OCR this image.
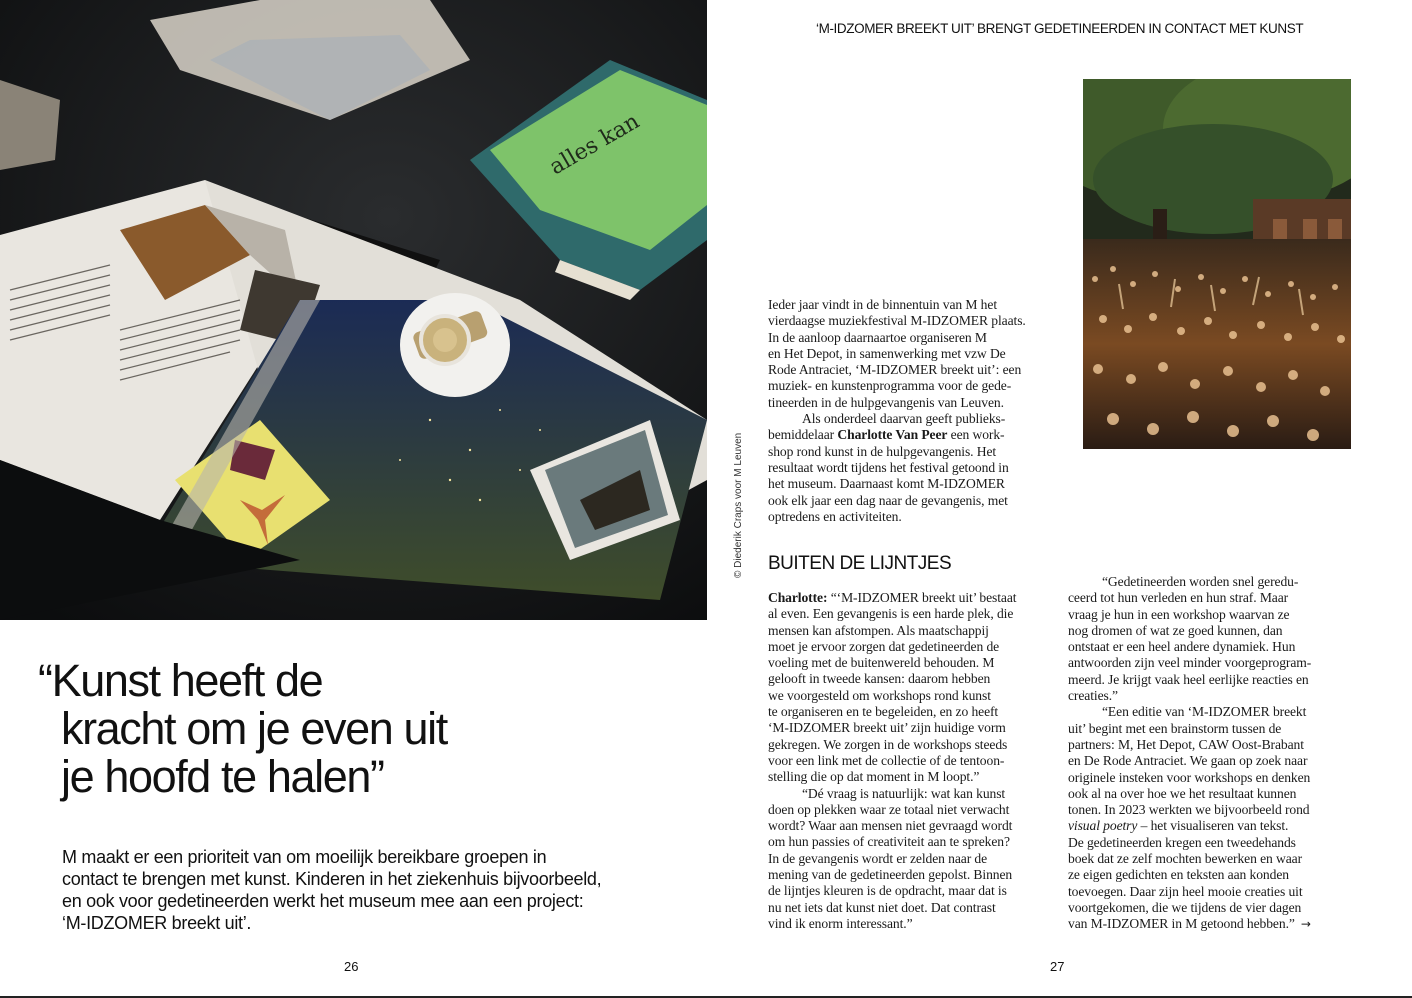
alles kan
“Kunst heeft de
kracht om je even uit
je hoofd te halen”

M maakt er een prioriteit van om moeilijk bereikbare groepen in
contact te brengen met kunst. Kinderen in het ziekenhuis bijvoorbeeld,
en ook voor gedetineerden werkt het museum mee aan een project:
‘M-IDZOMER breekt uit’.

26
‘M-IDZOMER BREEKT UIT’ BRENGT GEDETINEERDEN IN CONTACT MET KUNST
© Diederik Craps voor M Leuven
Ieder jaar vindt in de binnentuin van M het
vierdaagse muziekfestival M-IDZOMER plaats.
In de aanloop daarnaartoe organiseren M
en Het Depot, in samenwerking met vzw De
Rode Antraciet, ‘M-IDZOMER breekt uit’: een
muziek- en kunstenprogramma voor de gede-
tineerden in de hulpgevangenis van Leuven.
Als onderdeel daarvan geeft publieks-
bemiddelaar Charlotte Van Peer een work-
shop rond kunst in de hulpgevangenis. Het
resultaat wordt tijdens het festival getoond in
het museum. Daarnaast komt M-IDZOMER
ook elk jaar een dag naar de gevangenis, met
optredens en activiteiten.
BUITEN DE LIJNTJES
Charlotte: “‘M-IDZOMER breekt uit’ bestaat
al even. Een gevangenis is een harde plek, die
mensen kan afstompen. Als maatschappij
moet je ervoor zorgen dat gedetineerden de
voeling met de buitenwereld behouden. M
gelooft in tweede kansen: daarom hebben
we voorgesteld om workshops rond kunst
te organiseren en te begeleiden, en zo heeft
‘M-IDZOMER breekt uit’ zijn huidige vorm
gekregen. We zorgen in de workshops steeds
voor een link met de collectie of de tentoon-
stelling die op dat moment in M loopt.”
“Dé vraag is natuurlijk: wat kan kunst
doen op plekken waar ze totaal niet verwacht
wordt? Waar aan mensen niet gevraagd wordt
om hun passies of creativiteit aan te spreken?
In de gevangenis wordt er zelden naar de
mening van de gedetineerden gepolst. Binnen
de lijntjes kleuren is de opdracht, maar dat is
nu net iets dat kunst niet doet. Dat contrast
vind ik enorm interessant.”
“Gedetineerden worden snel geredu-
ceerd tot hun verleden en hun straf. Maar
vraag je hun in een workshop waarvan ze
nog dromen of wat ze goed kunnen, dan
ontstaat er een heel andere dynamiek. Hun
antwoorden zijn veel minder voorgeprogram-
meerd. Je krijgt vaak heel eerlijke reacties en
creaties.”
“Een editie van ‘M-IDZOMER breekt
uit’ begint met een brainstorm tussen de
partners: M, Het Depot, CAW Oost-Brabant
en De Rode Antraciet. We gaan op zoek naar
originele insteken voor workshops en denken
ook al na over hoe we het resultaat kunnen
tonen. In 2023 werkten we bijvoorbeeld rond
visual poetry – het visualiseren van tekst.
De gedetineerden kregen een tweedehands
boek dat ze zelf mochten bewerken en waar
ze eigen gedichten en teksten aan konden
toevoegen. Daar zijn heel mooie creaties uit
voortgekomen, die we tijdens de vier dagen
van M-IDZOMER in M getoond hebben.” →
27
